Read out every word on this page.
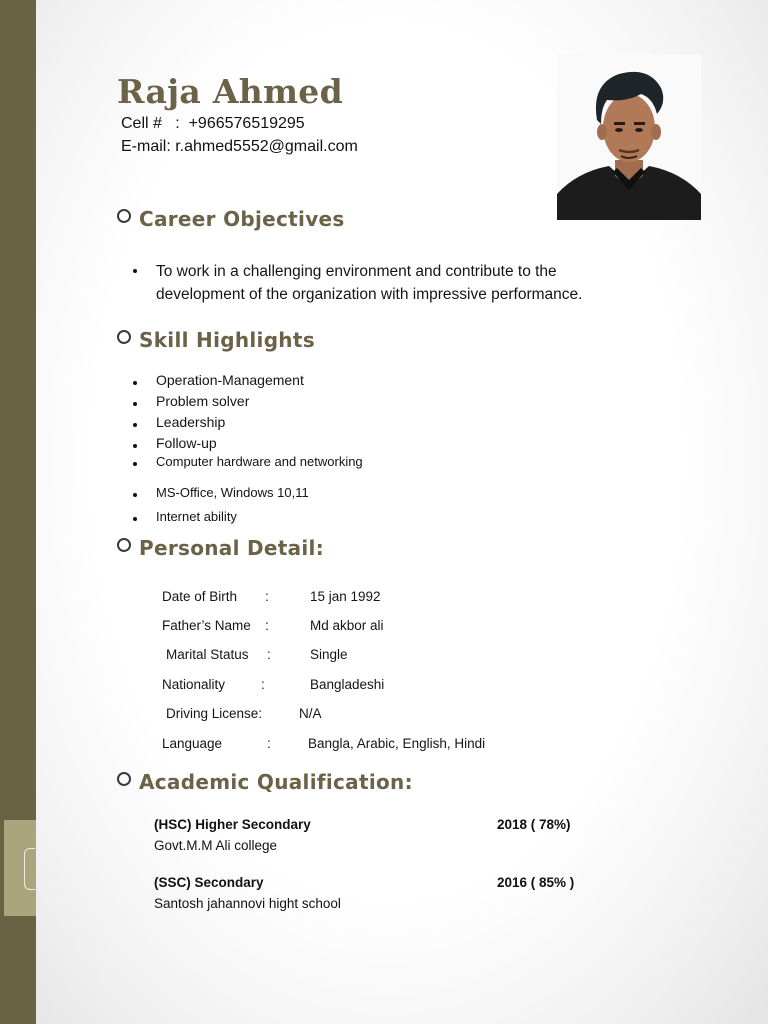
Raja Ahmed
Cell #   :  +966576519295
E-mail: r.ahmed5552@gmail.com
Career Objectives
To work in a challenging environment and contribute to the
development of the organization with impressive performance.
Skill Highlights
Operation-Management
Problem solver
Leadership
Follow-up
Computer hardware and networking
MS-Office, Windows 10,11
Internet ability
Personal Detail:
Date of Birth :	15 jan 1992
Father’s Name :	Md akbor ali
Marital Status :	Single
Nationality	:	Bangladeshi
Driving License:	N/A
Language	:	Bangla, Arabic, English, Hindi
Academic Qualification:
(HSC) Higher Secondary	2018 ( 78%)
Govt.M.M Ali college
(SSC) Secondary	2016 ( 85% )
Santosh jahannovi hight school
